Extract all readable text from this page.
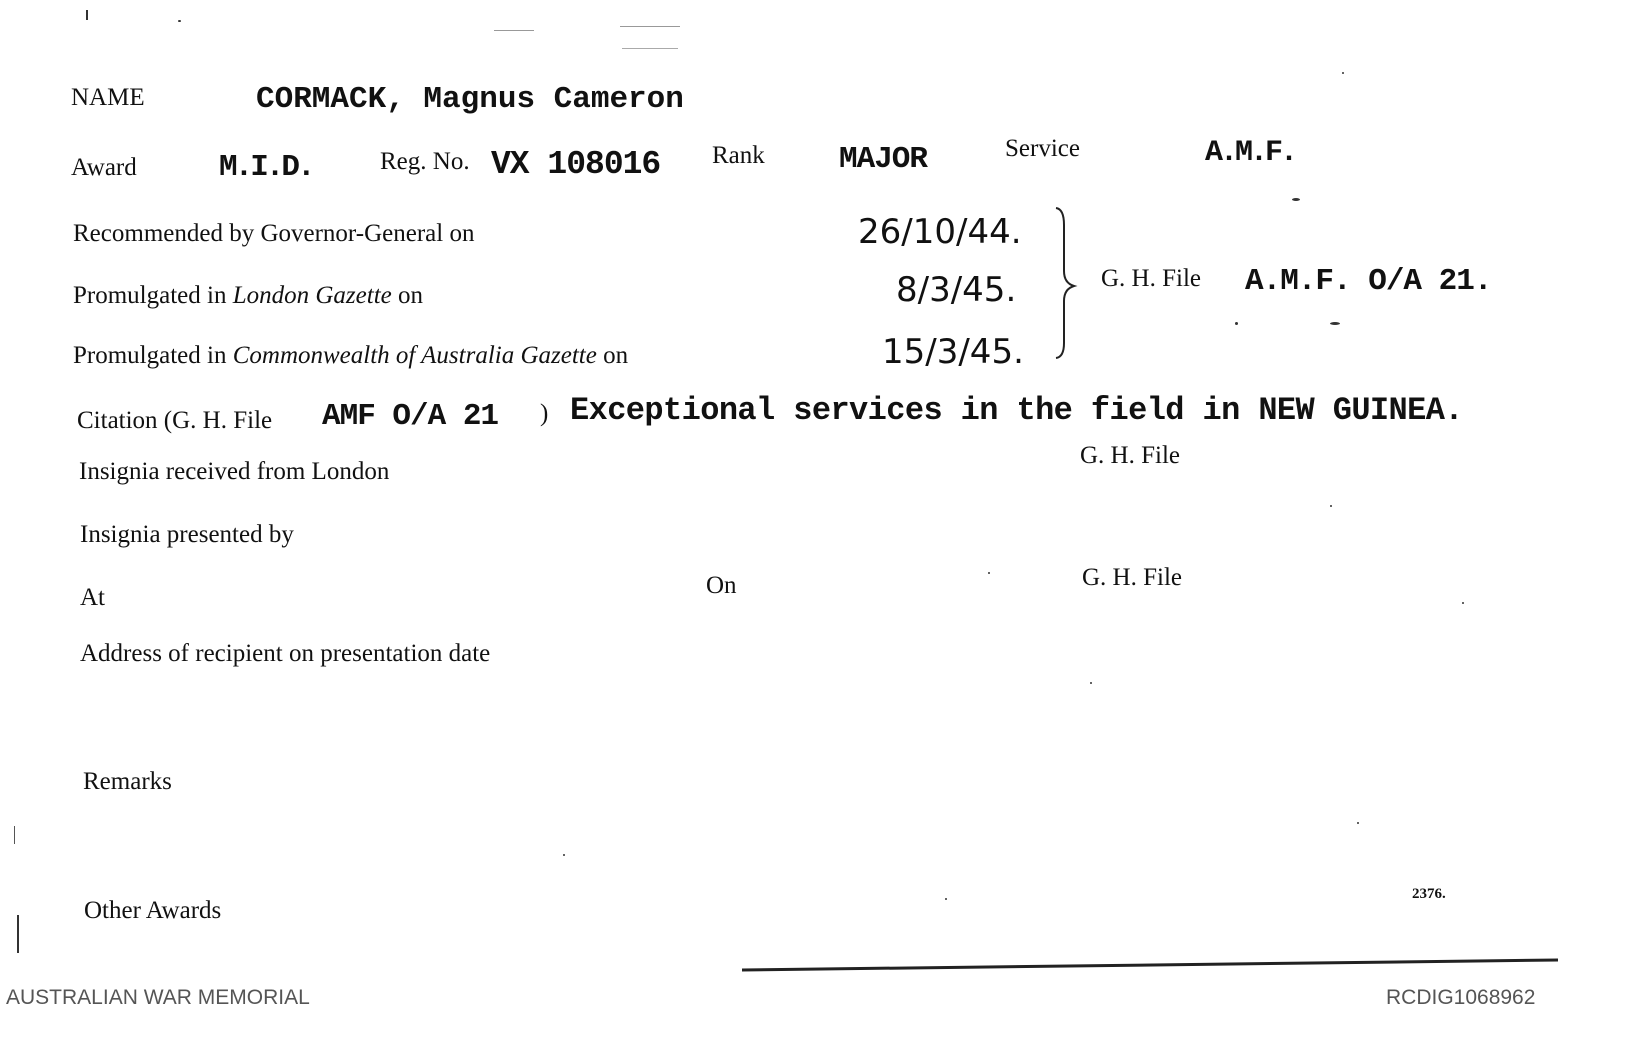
NAME	CORMACK, Magnus Cameron
Award	M.I.D.	Reg. No. VX 108016 Rank MAJOR	Service	A.M.F.
Recommended by Governor-General on	26/10/44.
Promulgated in London Gazette on	8/3/45.
Promulgated in Commonwealth of Australia Gazette on	15/3/45.
G. H. File A.M.F. O/A 21.
Citation (G. H. File AMF O/A 21 ) Exceptional services in the field in NEW GUINEA.
Insignia received from London
G. H. File
Insignia presented by
At	On	G. H. File
Address of recipient on presentation date
Remarks
Other Awards
2376.
AUSTRALIAN WAR MEMORIAL	RCDIG1068962
